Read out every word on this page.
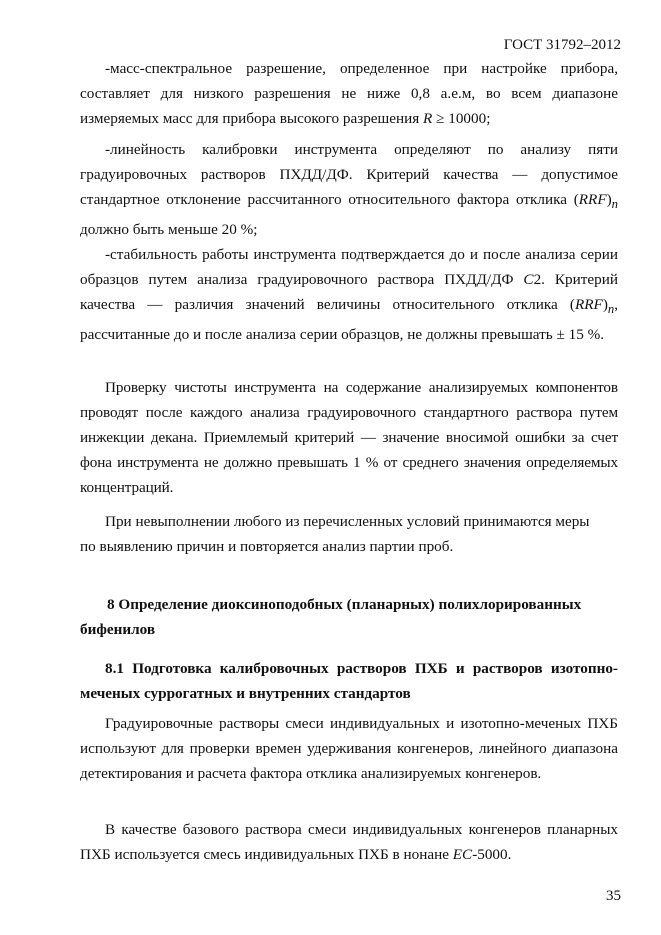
ГОСТ 31792–2012

-масс-спектральное разрешение, определенное при настройке прибора, составляет для низкого разрешения не ниже 0,8 а.е.м, во всем диапазоне измеряемых масс для прибора высокого разрешения R ≥ 10000;

-линейность калибровки инструмента определяют по анализу пяти градуировочных растворов ПХДД/ДФ. Критерий качества — допустимое стандартное отклонение рассчитанного относительного фактора отклика $(RRF)_n$ должно быть меньше 20 %;

-стабильность работы инструмента подтверждается до и после анализа серии образцов путем анализа градуировочного раствора ПХДД/ДФ С2. Критерий качества — различия значений величины относительного отклика $(RRF)_n$, рассчитанные до и после анализа серии образцов, не должны превышать ± 15 %.

Проверку чистоты инструмента на содержание анализируемых компонентов проводят после каждого анализа градуировочного стандартного раствора путем инжекции декана. Приемлемый критерий — значение вносимой ошибки за счет фона инструмента не должно превышать 1 % от среднего значения определяемых концентраций.

При невыполнении любого из перечисленных условий принимаются меры

по выявлению причин и повторяется анализ партии проб.

8 Определение диоксиноподобных (планарных) полихлорированных

бифенилов

8.1 Подготовка калибровочных растворов ПХБ и растворов изотопно-меченых суррогатных и внутренних стандартов

Градуировочные растворы смеси индивидуальных и изотопно-меченых ПХБ используют для проверки времен удерживания конгенеров, линейного диапазона детектирования и расчета фактора отклика анализируемых конгенеров.

В качестве базового раствора смеси индивидуальных конгенеров планарных ПХБ используется смесь индивидуальных ПХБ в нонане ЕС-5000.

35
